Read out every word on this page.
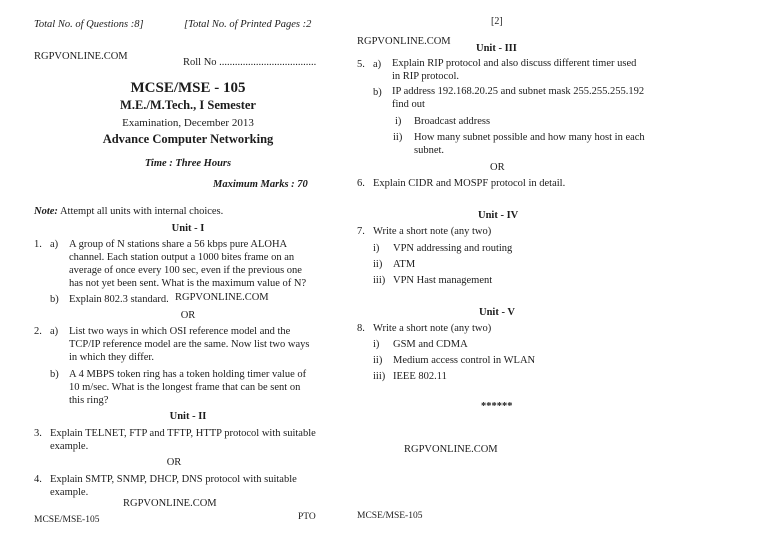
Total No. of Questions :8]	[Total No. of Printed Pages :2
RGPVONLINE.COM
Roll No .....................................
MCSE/MSE - 105
M.E./M.Tech., I Semester
Examination, December 2013
Advance Computer Networking
Time : Three Hours
Maximum Marks : 70
Note: Attempt all units with internal choices.
Unit - I
1. a) A group of N stations share a 56 kbps pure ALOHA
channel. Each station output a 1000 bites frame on an
average of once every 100 sec, even if the previous one
has not yet been sent. What is the maximum value of N?
b) Explain 802.3 standard. RGPVONLINE.COM
OR
2. a) List two ways in which OSI reference model and the
TCP/IP reference model are the same. Now list two ways
in which they differ.
b) A 4 MBPS token ring has a token holding timer value of
10 m/sec. What is the longest frame that can be sent on
this ring?
Unit - II
3. Explain TELNET, FTP and TFTP, HTTP protocol with suitable
example.
OR
4. Explain SMTP, SNMP, DHCP, DNS protocol with suitable
example.
RGPVONLINE.COM
MCSE/MSE-105	PTO
[2]
RGPVONLINE.COM
Unit - III
5. a) Explain RIP protocol and also discuss different timer used
in RIP protocol.
b) IP address 192.168.20.25 and subnet mask 255.255.255.192
find out
i) Broadcast address
ii) How many subnet possible and how many host in each
subnet.
OR
6. Explain CIDR and MOSPF protocol in detail.
Unit - IV
7. Write a short note (any two)
i) VPN addressing and routing
ii) ATM
iii) VPN Hast management
Unit - V
8. Write a short note (any two)
i) GSM and CDMA
ii) Medium access control in WLAN
iii) IEEE 802.11
******
RGPVONLINE.COM
MCSE/MSE-105
